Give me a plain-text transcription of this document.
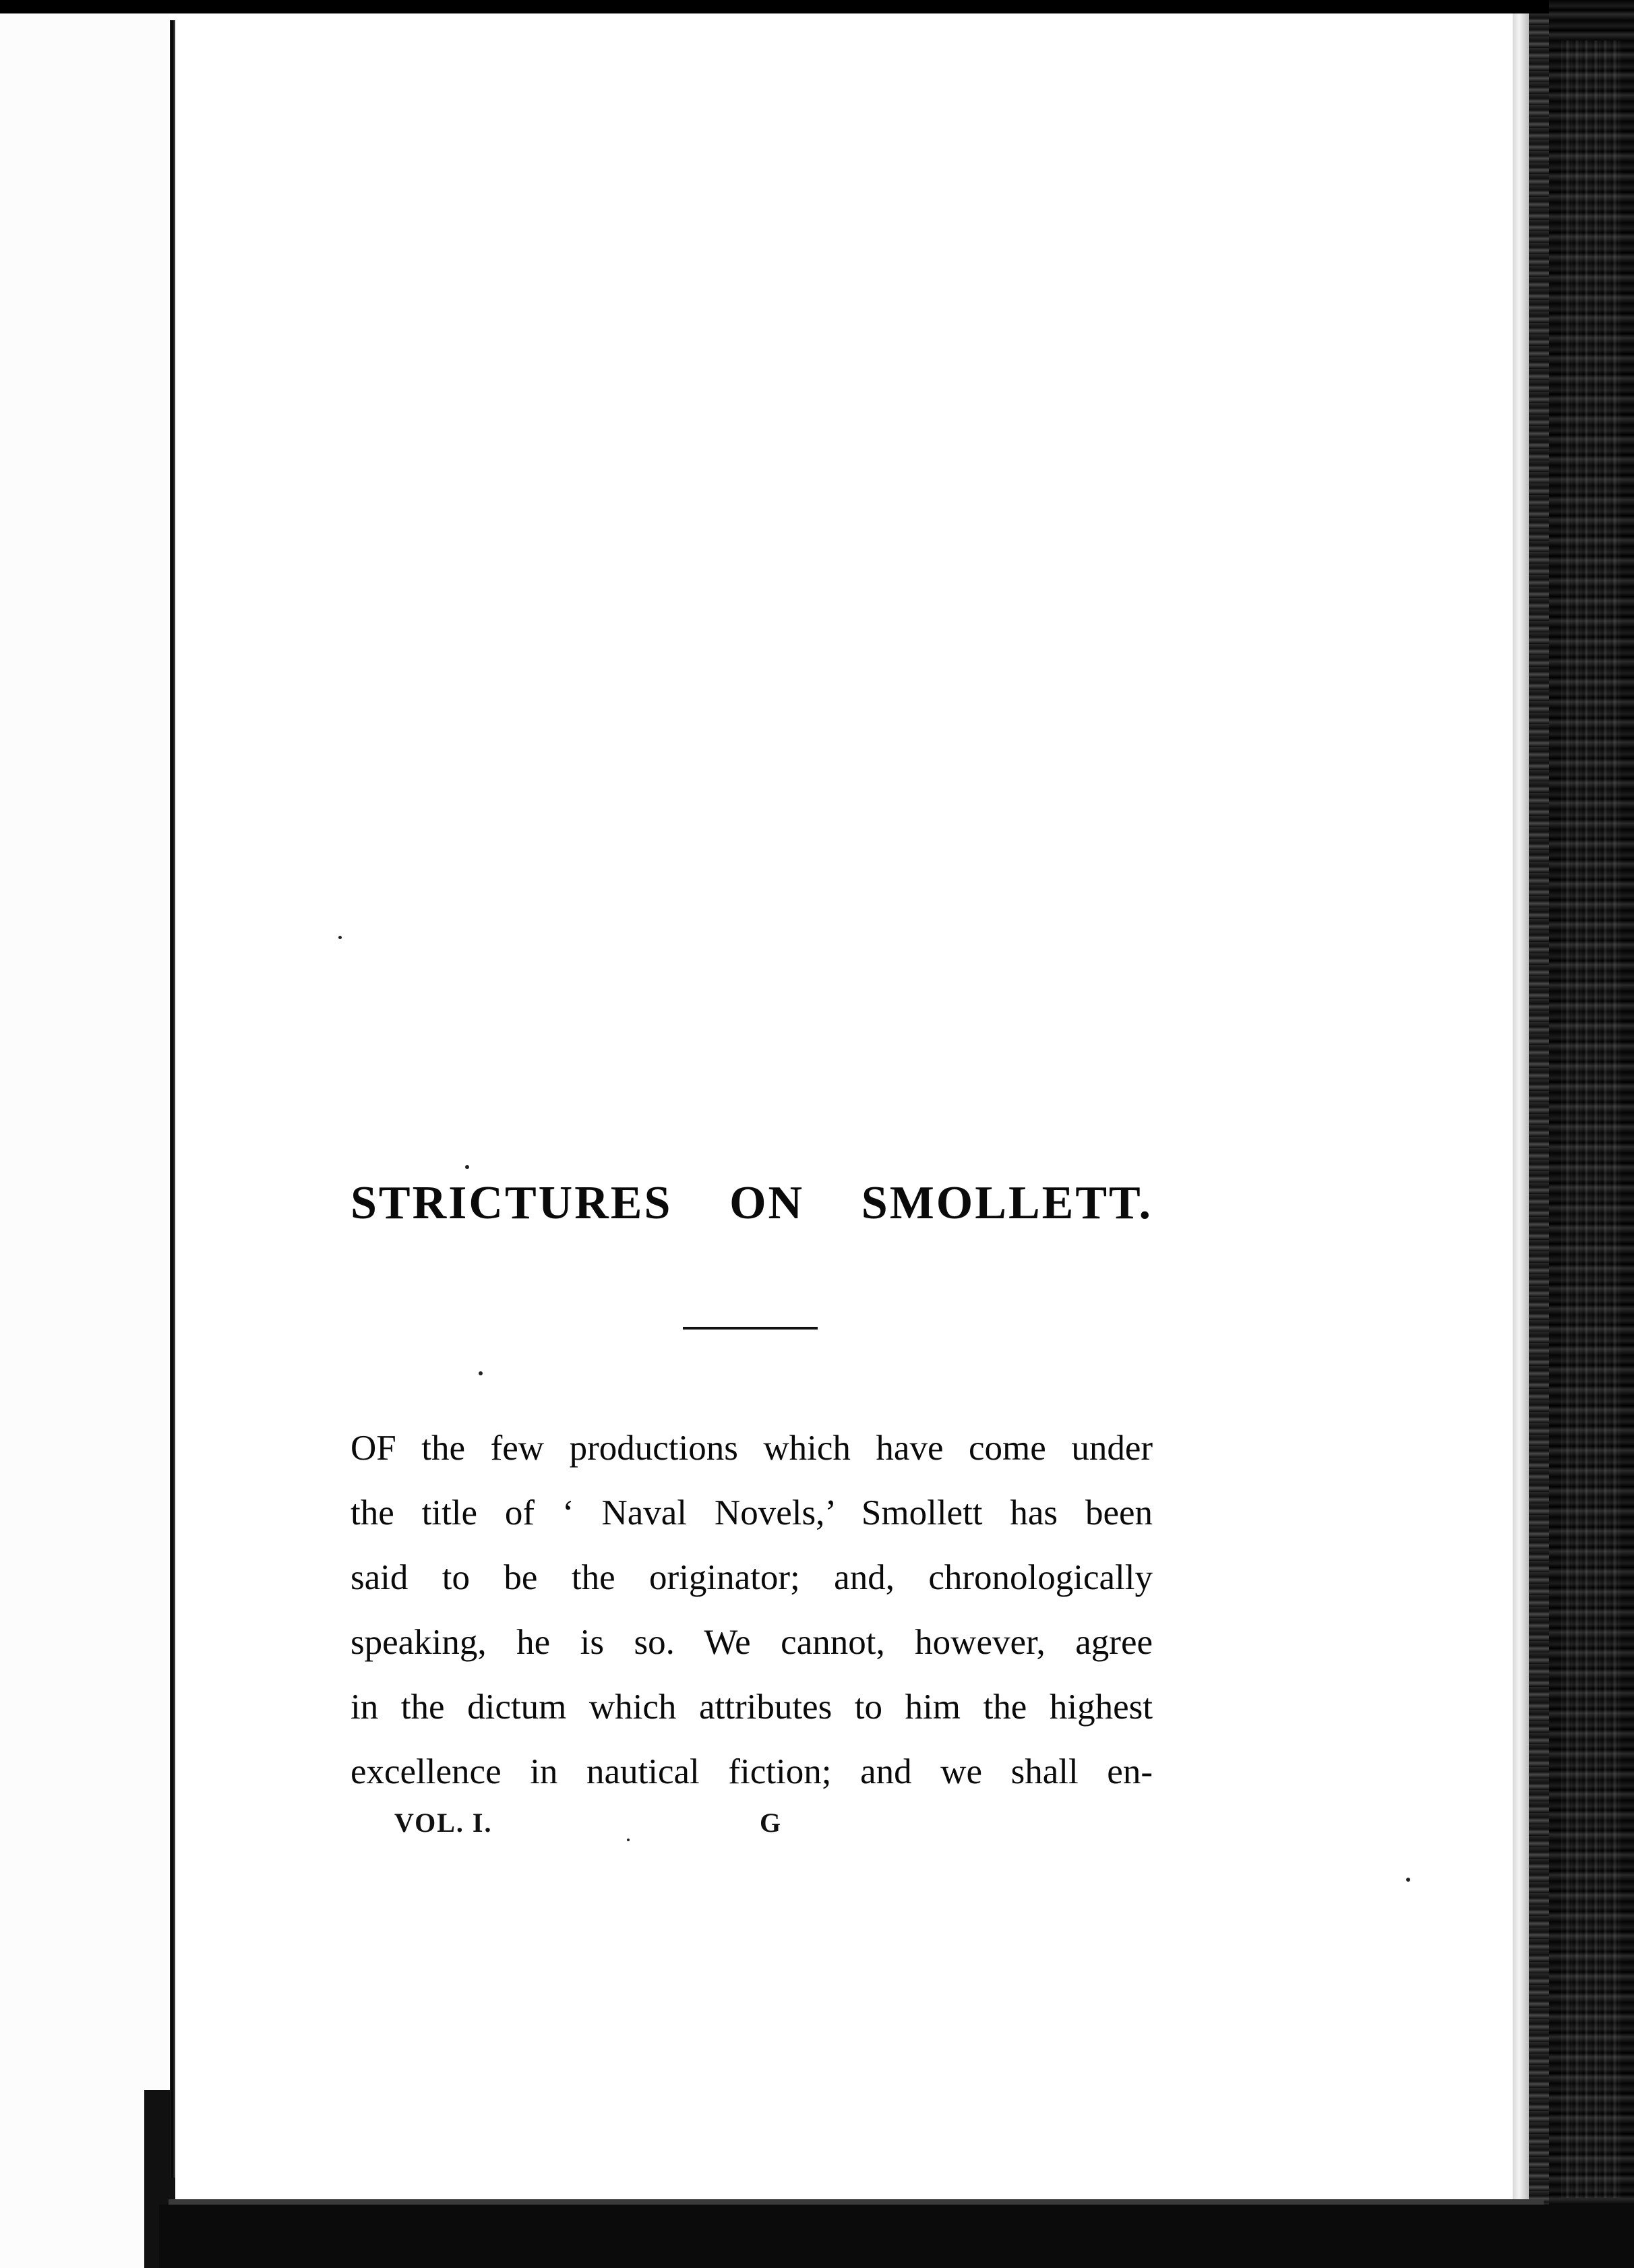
STRICTURES ON SMOLLETT.
OF the few productions which have come under
the title of ‘ Naval Novels,’ Smollett has been
said to be the originator; and, chronologically
speaking, he is so. We cannot, however, agree
in the dictum which attributes to him the highest
excellence in nautical fiction; and we shall en-
VOL. I.	G
